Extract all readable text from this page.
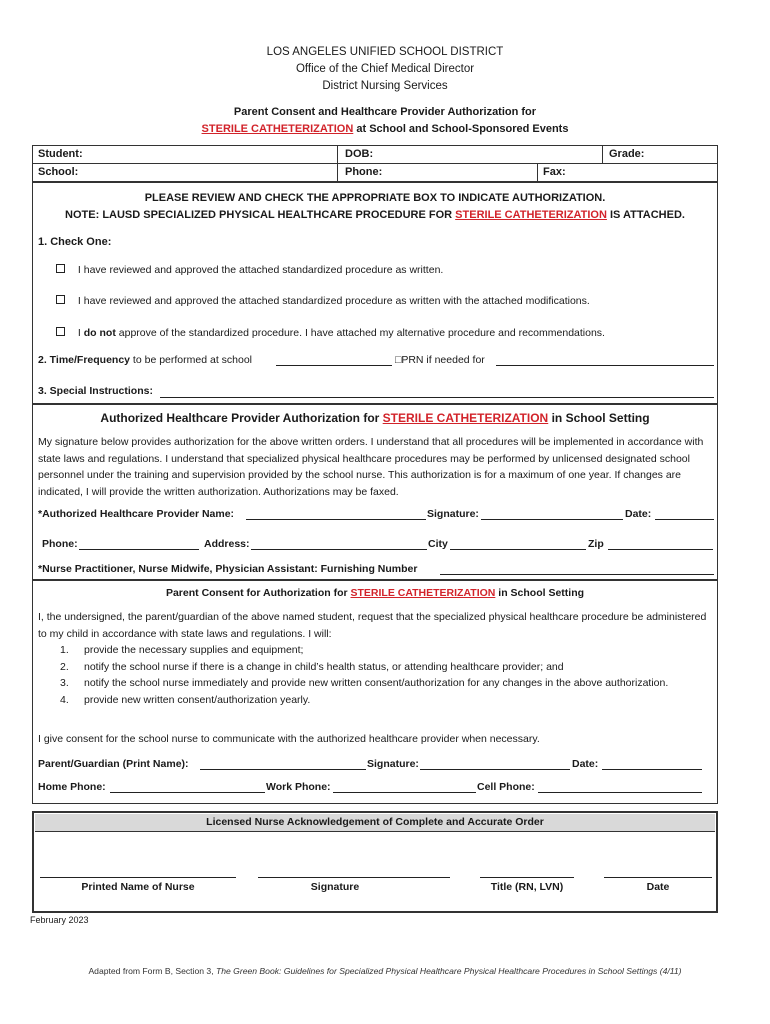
LOS ANGELES UNIFIED SCHOOL DISTRICT
Office of the Chief Medical Director
District Nursing Services
Parent Consent and Healthcare Provider Authorization for
STERILE CATHETERIZATION at School and School-Sponsored Events
Student:	DOB:	Grade:
School:	Phone:	Fax:
PLEASE REVIEW AND CHECK THE APPROPRIATE BOX TO INDICATE AUTHORIZATION.
NOTE: LAUSD SPECIALIZED PHYSICAL HEALTHCARE PROCEDURE FOR STERILE CATHETERIZATION IS ATTACHED.
1. Check One:
I have reviewed and approved the attached standardized procedure as written.
I have reviewed and approved the attached standardized procedure as written with the attached modifications.
I do not approve of the standardized procedure. I have attached my alternative procedure and recommendations.
2. Time/Frequency to be performed at school	□PRN if needed for
3. Special Instructions:
Authorized Healthcare Provider Authorization for STERILE CATHETERIZATION in School Setting
My signature below provides authorization for the above written orders. I understand that all procedures will be implemented in accordance with state laws and regulations. I understand that specialized physical healthcare procedures may be performed by unlicensed designated school personnel under the training and supervision provided by the school nurse. This authorization is for a maximum of one year. If changes are indicated, I will provide the written authorization. Authorizations may be faxed.
*Authorized Healthcare Provider Name:	Signature:	Date:
Phone:	Address:	City	Zip
*Nurse Practitioner, Nurse Midwife, Physician Assistant: Furnishing Number
Parent Consent for Authorization for STERILE CATHETERIZATION in School Setting
I, the undersigned, the parent/guardian of the above named student, request that the specialized physical healthcare procedure be administered to my child in accordance with state laws and regulations. I will:
1.	provide the necessary supplies and equipment;
2.	notify the school nurse if there is a change in child’s health status, or attending healthcare provider; and
3.	notify the school nurse immediately and provide new written consent/authorization for any changes in the above authorization.
4.	provide new written consent/authorization yearly.
I give consent for the school nurse to communicate with the authorized healthcare provider when necessary.
Parent/Guardian (Print Name):	Signature:	Date:
Home Phone:	Work Phone:	Cell Phone:
Licensed Nurse Acknowledgement of Complete and Accurate Order
Printed Name of Nurse	Signature	Title (RN, LVN)	Date
February 2023
Adapted from Form B, Section 3, The Green Book: Guidelines for Specialized Physical Healthcare Physical Healthcare Procedures in School Settings (4/11)
